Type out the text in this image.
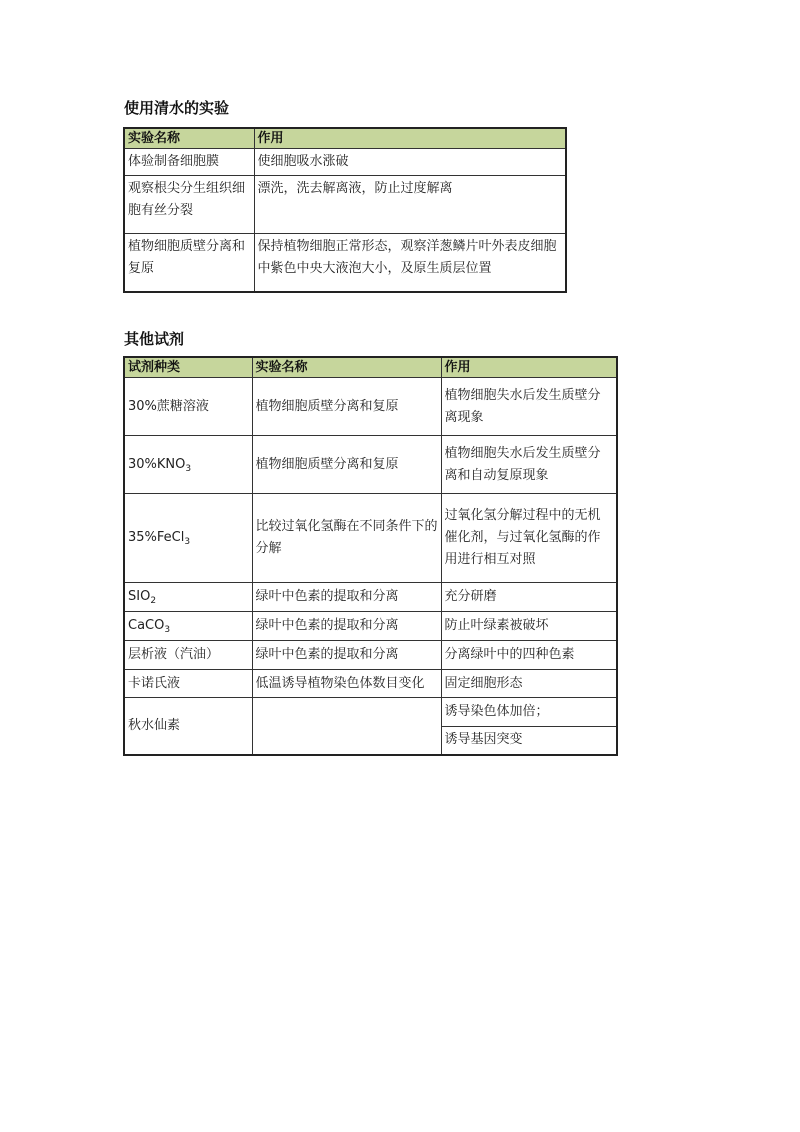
使用清水的实验
实验名称	作用
体验制备细胞膜	使细胞吸水涨破
观察根尖分生组织细胞有丝分裂	漂洗，洗去解离液，防止过度解离
植物细胞质壁分离和复原	保持植物细胞正常形态，观察洋葱鳞片叶外表皮细胞中紫色中央大液泡大小，及原生质层位置
其他试剂
试剂种类	实验名称	作用
30%蔗糖溶液	植物细胞质壁分离和复原	植物细胞失水后发生质壁分离现象
$30\%KNO_3$	植物细胞质壁分离和复原	植物细胞失水后发生质壁分离和自动复原现象
35%FeCl$_3$	比较过氧化氢酶在不同条件下的分解	过氧化氢分解过程中的无机催化剂，与过氧化氢酶的作用进行相互对照
$SIO_2$	绿叶中色素的提取和分离	充分研磨
CaCO$_3$	绿叶中色素的提取和分离	防止叶绿素被破坏
层析液（汽油）	绿叶中色素的提取和分离	分离绿叶中的四种色素
卡诺氏液	低温诱导植物染色体数目变化	固定细胞形态
秋水仙素		诱导染色体加倍；
		诱导基因突变
